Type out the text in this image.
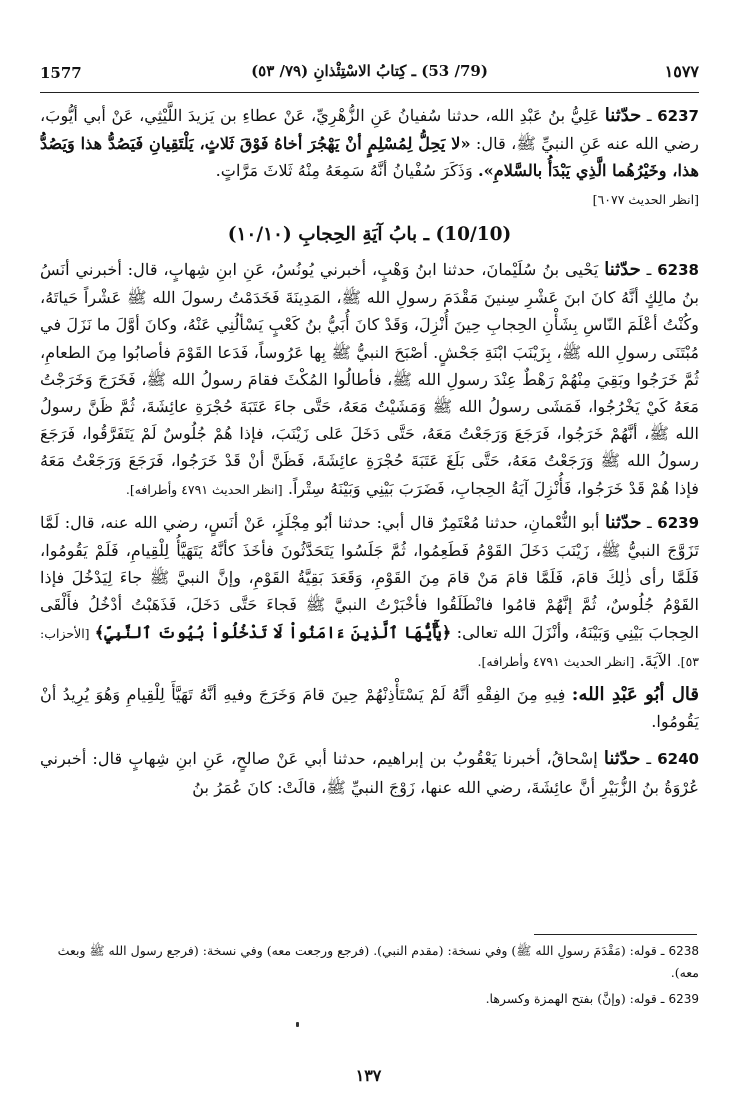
1577	(79/ 53) ـ كِتابُ الاسْتِئْذانِ (٧٩/ ٥٣)	١٥٧٧

6237 ـ حدّثنا عَلِيُّ بنُ عَبْدِ الله، حدثنا سُفيانُ عَنِ الزُّهْرِيِّ، عَنْ عطاءِ بن يَزيدَ اللَّيْثِي، عَنْ أبي أيُّوبَ، رضي الله عنه عَنِ النبيِّ ﷺ، قال: «لا يَحِلُّ لِمُسْلِمٍ أنْ يَهْجُرَ أخاهُ فَوْقَ ثَلاثٍ، يَلْتَقِيانِ فَيَصُدُّ هذا وَيَصُدُّ هذا، وخَيْرُهُما الَّذِي يَبْدَأُ بالسَّلامِ». وَذَكَرَ سُفْيانُ أنَّهُ سَمِعَهُ مِنْهُ ثَلاثَ مَرَّاتٍ.
[انظر الحديث ٦٠٧٧]

(10/10) ـ بابُ آيَةِ الحِجابِ (١٠/١٠)

6238 ـ حدّثنا يَحْيى بنُ سُلَيْمانَ، حدثنا ابنُ وَهْبٍ، أخبرني يُونُسُ، عَنِ ابنِ شِهابٍ، قال: أخبرني أنَسُ بنُ مالِكٍ أنَّهُ كانَ ابنَ عَشْرِ سِنينَ مَقْدَمَ رسولِ الله ﷺ، المَدِينَةَ فَخَدَمْتُ رسولَ الله ﷺ عَشْراً حَياتَهُ، وكُنْتُ أعْلَمَ النّاسِ بِشَأْنِ الحِجابِ حِينَ أُنْزِلَ، وَقَدْ كانَ أُبَيُّ بنُ كَعْبٍ يَسْألُنِي عَنْهُ، وكانَ أوَّلَ ما نَزَلَ في مُبْتَنَى رسولِ الله ﷺ، بِزَيْنَبَ ابْنَةِ جَحْشٍ. أصْبَحَ النبيُّ ﷺ بِها عَرُوساً، فَدَعا القَوْمَ فأصابُوا مِنَ الطعامِ، ثُمَّ خَرَجُوا وبَقِيَ مِنْهُمْ رَهْطٌ عِنْدَ رسولِ الله ﷺ، فأطالُوا المُكْثَ فقامَ رسولُ الله ﷺ، فَخَرَجَ وَخَرَجْتُ مَعَهُ كَيْ يَخْرُجُوا، فَمَشَى رسولُ الله ﷺ وَمَشَيْتُ مَعَهُ، حَتَّى جاءَ عَتَبَةَ حُجْرَةِ عائِشَةَ، ثُمَّ ظَنَّ رسولُ الله ﷺ، أنَّهُمْ خَرَجُوا، فَرَجَعَ وَرَجَعْتُ مَعَهُ، حَتَّى دَخَلَ عَلى زَيْنَبَ، فإذا هُمْ جُلُوسٌ لَمْ يَتَفَرَّقُوا، فَرَجَعَ رسولُ الله ﷺ وَرَجَعْتُ مَعَهُ، حَتَّى بَلَغَ عَتَبَةَ حُجْرَةِ عائِشَةَ، فَظَنَّ أنْ قَدْ خَرَجُوا، فَرَجَعَ وَرَجَعْتُ مَعَهُ فإذا هُمْ قَدْ خَرَجُوا، فَأُنْزِلَ آيَةُ الحِجابِ، فَضَرَبَ بَيْنِي وَبَيْنَهُ سِتْراً. [انظر الحديث ٤٧٩١ وأطرافه].

6239 ـ حدّثنا أبو النُّعْمانِ، حدثنا مُعْتَمِرٌ قال أبي: حدثنا أبُو مِجْلَزٍ، عَنْ أنَسٍ، رضي الله عنه، قال: لَمَّا تَزَوَّجَ النبيُّ ﷺ، زَيْنَبَ دَخَلَ القَوْمُ فَطَعِمُوا، ثُمَّ جَلَسُوا يَتَحَدَّثُونَ فأخَذَ كأنَّهُ يَتَهَيَّأُ لِلْقِيامِ، فَلَمْ يَقُومُوا، فَلَمَّا رأى ذٰلِكَ قامَ، فَلَمَّا قامَ مَنْ قامَ مِنَ القَوْمِ، وَقَعَدَ بَقِيَّةُ القَوْمِ، وإنَّ النبيَّ ﷺ جاءَ لِيَدْخُلَ فإذا القَوْمُ جُلُوسٌ، ثُمَّ إنَّهُمْ قامُوا فانْطَلَقُوا فأخْبَرْتُ النبيَّ ﷺ فَجاءَ حَتَّى دَخَلَ، فَذَهَبْتُ أدْخُلُ فأَلْقَى الحِجابَ بَيْنِي وَبَيْنَهُ، وأنْزَلَ الله تعالى: ﴿يَٰٓأَيُّهَا ٱلَّذِينَ ءَامَنُواْ لَا تَدْخُلُواْ بُيُوتَ ٱلنَّبِيِّ﴾ [الأحزاب: ٥٣]. الآيَةَ. [انظر الحديث ٤٧٩١ وأطرافه].

قال أبُو عَبْدِ الله: فِيهِ مِنَ الفِقْهِ أنَّهُ لَمْ يَسْتَأْذِنْهُمْ حِينَ قامَ وَخَرَجَ وفيهِ أنَّهُ تَهَيَّأَ لِلْقِيامِ وَهُوَ يُرِيدُ أنْ يَقُومُوا.

6240 ـ حدّثنا إسْحاقُ، أخبرنا يَعْقُوبُ بن إبراهيم، حدثنا أبي عَنْ صالحٍ، عَنِ ابنِ شِهابٍ قال: أخبرني عُرْوَةُ بنُ الزُّبَيْرِ أنَّ عائِشَةَ، رضي الله عنها، زَوْجَ النبيِّ ﷺ، قالَتْ: كانَ عُمَرُ بنُ

6238 ـ قوله: (مَقْدَمَ رسولِ الله ﷺ) وفي نسخة: (مقدم النبي). (فرجع ورجعت معه) وفي نسخة: (فرجع رسول الله ﷺ وبعث معه).

6239 ـ قوله: (وإنَّ) بفتح الهمزة وكسرها.

١٣٧
